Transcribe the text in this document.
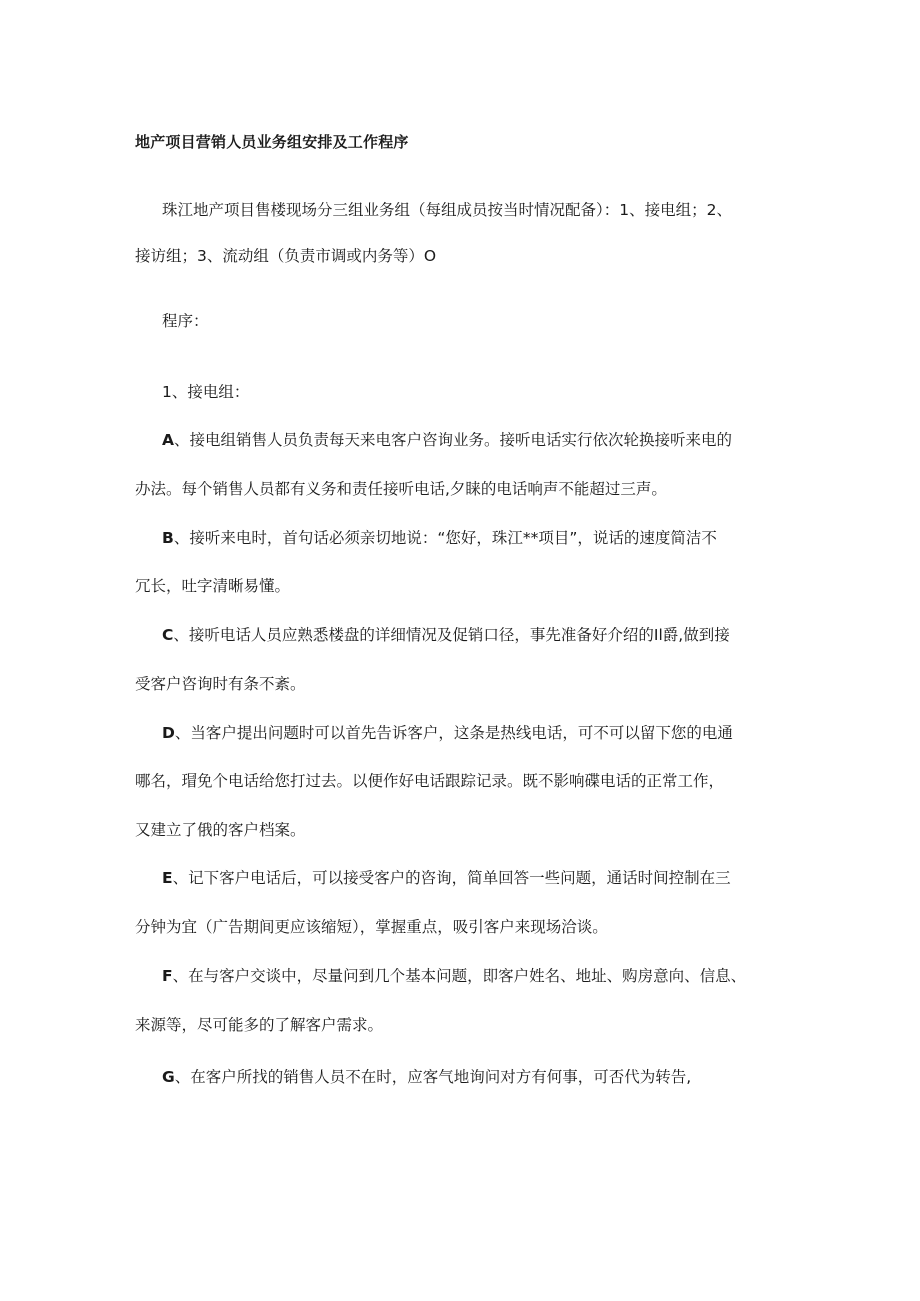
地产项目营销人员业务组安排及工作程序
珠江地产项目售楼现场分三组业务组（每组成员按当时情况配备）：1、接电组；2、
接访组；3、流动组（负责市调或内务等）O
程序：
1、接电组：
A、接电组销售人员负责每天来电客户咨询业务。接听电话实行依次轮换接听来电的
办法。每个销售人员都有义务和责任接听电话,夕睐的电话响声不能超过三声。
B、接听来电时，首句话必须亲切地说：“您好，珠江**项目”，说话的速度简洁不
冗长，吐字清晰易懂。
C、接听电话人员应熟悉楼盘的详细情况及促销口径，事先准备好介绍的Il爵,做到接
受客户咨询时有条不紊。
D、当客户提出问题时可以首先告诉客户，这条是热线电话，可不可以留下您的电通
哪名，瑁免个电话给您打过去。以便作好电话跟踪记录。既不影响碟电话的正常工作，
又建立了俄的客户档案。
E、记下客户电话后，可以接受客户的咨询，简单回答一些问题，通话时间控制在三
分钟为宜（广告期间更应该缩短），掌握重点，吸引客户来现场洽谈。
F、在与客户交谈中，尽量问到几个基本问题，即客户姓名、地址、购房意向、信息、
来源等，尽可能多的了解客户需求。
G、在客户所找的销售人员不在时，应客气地询问对方有何事，可否代为转告,
